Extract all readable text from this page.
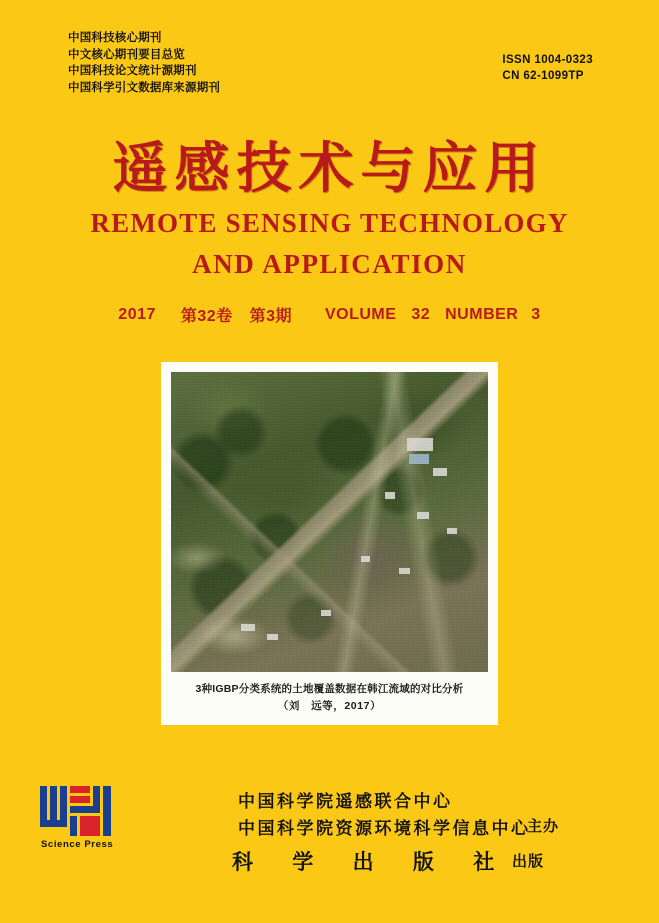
中国科技核心期刊
中文核心期刊要目总览
中国科技论文统计源期刊
中国科学引文数据库来源期刊
ISSN 1004-0323
CN 62-1099TP
遥感技术与应用
REMOTE SENSING TECHNOLOGY
AND APPLICATION
2017 第32卷 第3期 VOLUME 32 NUMBER 3
3种IGBP分类系统的土地覆盖数据在韩江流域的对比分析
（刘　远等，2017）
中国科学院遥感联合中心
中国科学院资源环境科学信息中心
主办
科 学 出 版 社 出版
Science Press
